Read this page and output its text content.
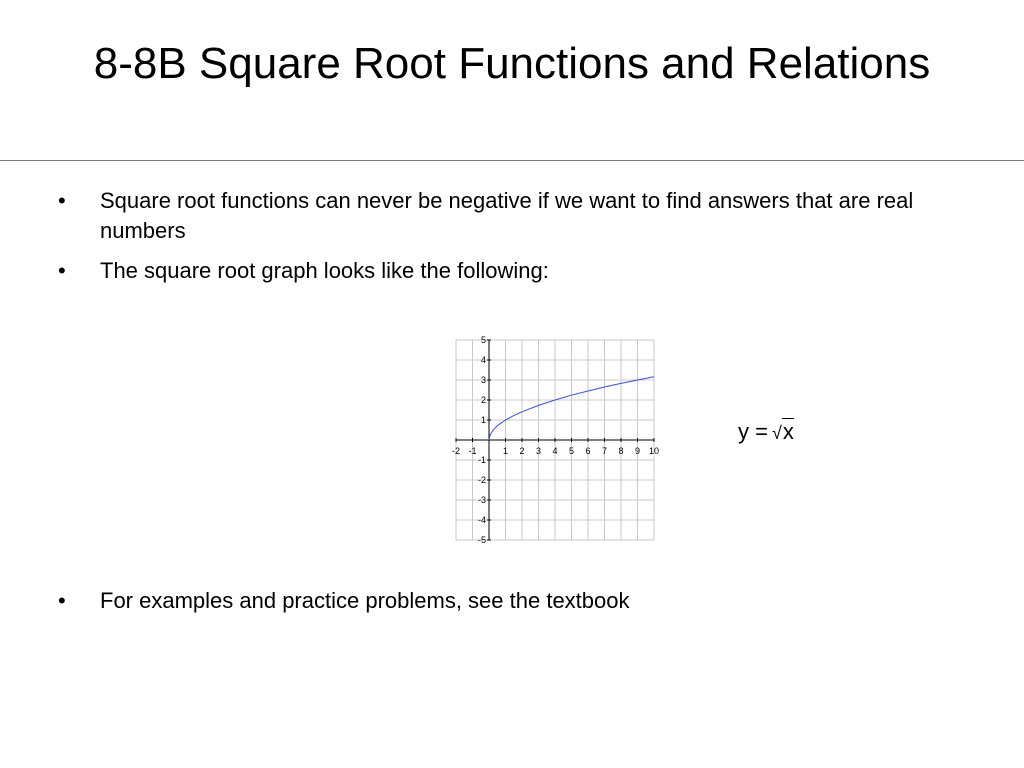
8-8B Square Root Functions and Relations
• Square root functions can never be negative if we want to find answers that are real numbers
• The square root graph looks like the following:
• For examples and practice problems, see the textbook
-2 -1	1 2 3 4 5 6 7 8 9 10
5
4
3
2
1
-1
-2
-3
-4
-5
y = √x
